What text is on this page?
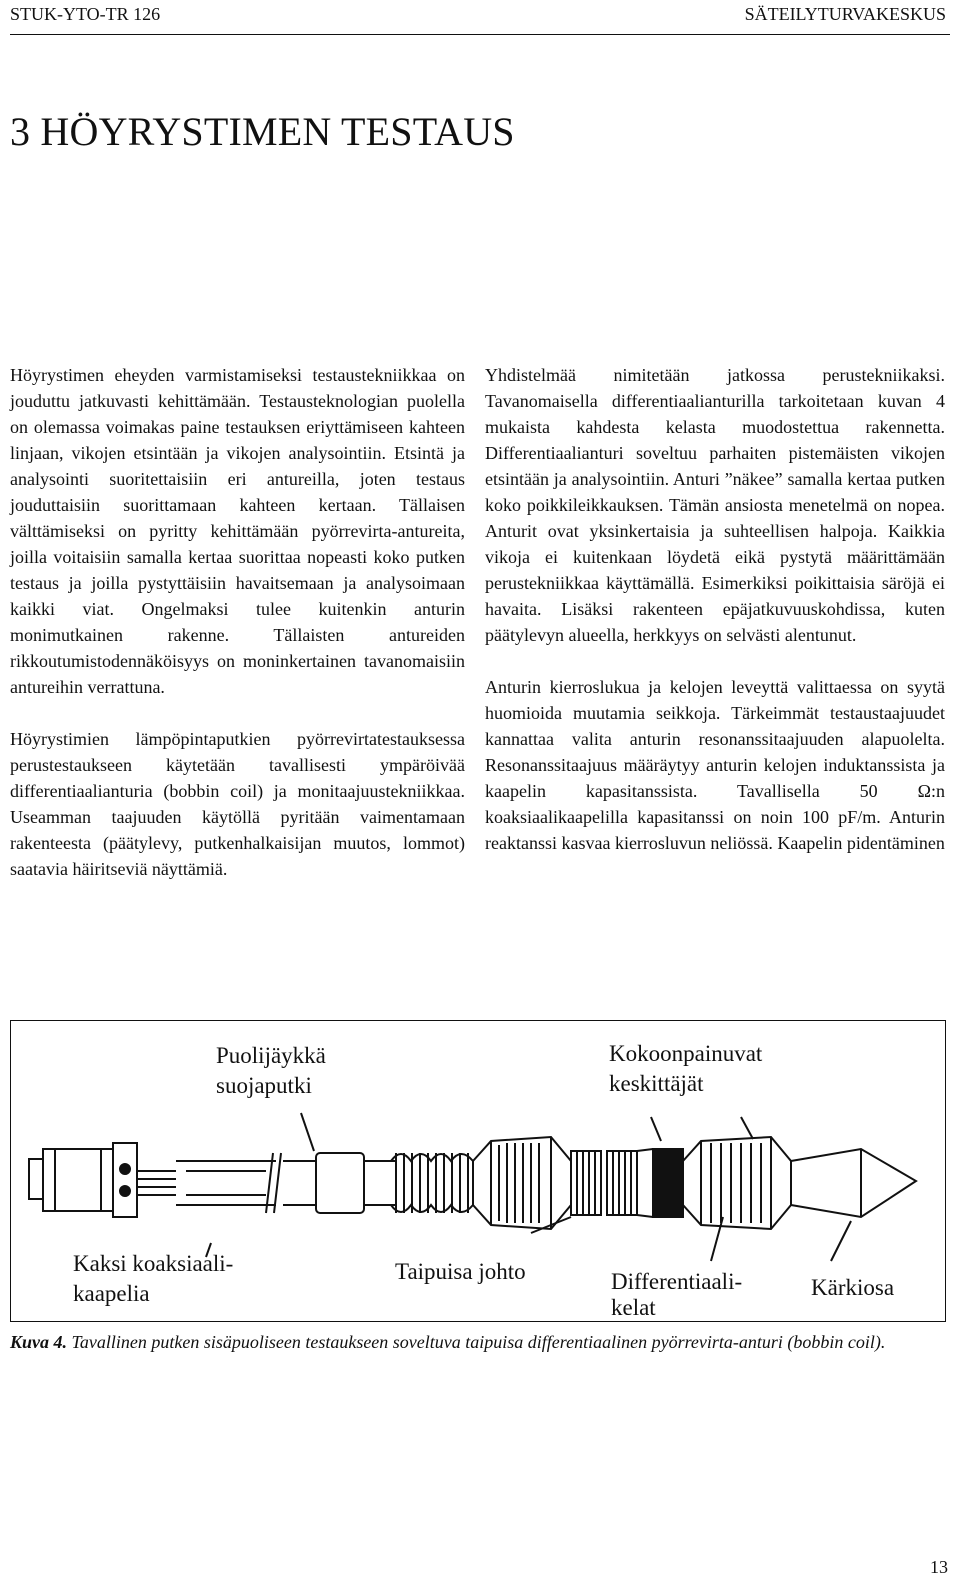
STUK-YTO-TR 126	SÄTEILYTURVAKESKUS
3 HÖYRYSTIMEN TESTAUS

Höyrystimen eheyden varmistamiseksi testaustekniikkaa on jouduttu jatkuvasti kehittämään. Testausteknologian puolella on olemassa voimakas paine testauksen eriyttämiseen kahteen linjaan, vikojen etsintään ja vikojen analysointiin. Etsintä ja analysointi suoritettaisiin eri antureilla, joten testaus jouduttaisiin suorittamaan kahteen kertaan. Tällaisen välttämiseksi on pyritty kehittämään pyörrevirta-antureita, joilla voitaisiin samalla kertaa suorittaa nopeasti koko putken testaus ja joilla pystyttäisiin havaitsemaan ja analysoimaan kaikki viat. Ongelmaksi tulee kuitenkin anturin monimutkainen rakenne. Tällaisten antureiden rikkoutumistodennäköisyys on moninkertainen tavanomaisiin antureihin verrattuna.

Höyrystimien lämpöpintaputkien pyörrevirtatestauksessa perustestaukseen käytetään tavallisesti ympäröivää differentiaalianturia (bobbin coil) ja monitaajuustekniikkaa. Useamman taajuuden käytöllä pyritään vaimentamaan rakenteesta (päätylevy, putkenhalkaisijan muutos, lommot) saatavia häiritseviä näyttämiä.

Yhdistelmää nimitetään jatkossa perustekniikaksi. Tavanomaisella differentiaalianturilla tarkoitetaan kuvan 4 mukaista kahdesta kelasta muodostettua rakennetta. Differentiaalianturi soveltuu parhaiten pistemäisten vikojen etsintään ja analysointiin. Anturi ”näkee” samalla kertaa putken koko poikkileikkauksen. Tämän ansiosta menetelmä on nopea. Anturit ovat yksinkertaisia ja suhteellisen halpoja. Kaikkia vikoja ei kuitenkaan löydetä eikä pystytä määrittämään perustekniikkaa käyttämällä. Esimerkiksi poikittaisia säröjä ei havaita. Lisäksi rakenteen epäjatkuvuuskohdissa, kuten päätylevyn alueella, herkkyys on selvästi alentunut.

Anturin kierroslukua ja kelojen leveyttä valittaessa on syytä huomioida muutamia seikkoja. Tärkeimmät testaustaajuudet kannattaa valita anturin resonanssitaajuuden alapuolelta. Resonanssitaajuus määräytyy anturin kelojen induktanssista ja kaapelin kapasitanssista. Tavallisella 50 Ω:n koaksiaalikaapelilla kapasitanssi on noin 100 pF/m. Anturin reaktanssi kasvaa kierrosluvun neliössä. Kaapelin pidentäminen

Puolijäykkä
suojaputki
Kokoonpainuvat
keskittäjät
Kaksi koaksiaali-
kaapelia
Taipuisa johto	Differentiaali-
kelat
Kärkiosa
Kuva 4. Tavallinen putken sisäpuoliseen testaukseen soveltuva taipuisa differentiaalinen pyörrevirta-anturi (bobbin coil).
13
